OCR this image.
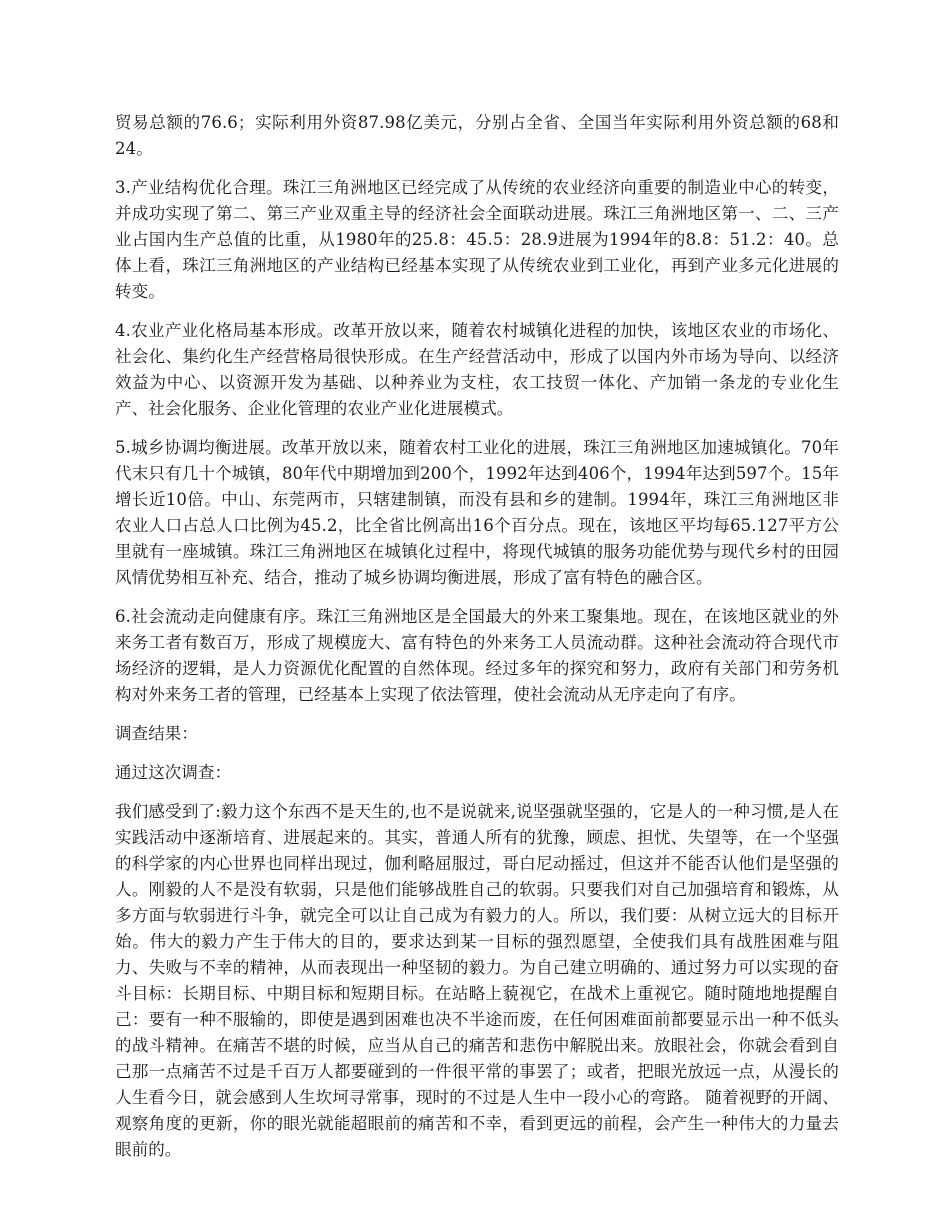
贸易总额的76.6；实际利用外资87.98亿美元，分别占全省、全国当年实际利用外资总额的68和24。

3.产业结构优化合理。珠江三角洲地区已经完成了从传统的农业经济向重要的制造业中心的转变，并成功实现了第二、第三产业双重主导的经济社会全面联动进展。珠江三角洲地区第一、二、三产业占国内生产总值的比重，从1980年的25.8：45.5：28.9进展为1994年的8.8：51.2：40。总体上看，珠江三角洲地区的产业结构已经基本实现了从传统农业到工业化，再到产业多元化进展的转变。

4.农业产业化格局基本形成。改革开放以来，随着农村城镇化进程的加快，该地区农业的市场化、社会化、集约化生产经营格局很快形成。在生产经营活动中，形成了以国内外市场为导向、以经济效益为中心、以资源开发为基础、以种养业为支柱，农工技贸一体化、产加销一条龙的专业化生产、社会化服务、企业化管理的农业产业化进展模式。

5.城乡协调均衡进展。改革开放以来，随着农村工业化的进展，珠江三角洲地区加速城镇化。70年代末只有几十个城镇，80年代中期增加到200个，1992年达到406个，1994年达到597个。15年增长近10倍。中山、东莞两市，只辖建制镇，而没有县和乡的建制。1994年，珠江三角洲地区非农业人口占总人口比例为45.2，比全省比例高出16个百分点。现在，该地区平均每65.127平方公里就有一座城镇。珠江三角洲地区在城镇化过程中，将现代城镇的服务功能优势与现代乡村的田园风情优势相互补充、结合，推动了城乡协调均衡进展，形成了富有特色的融合区。

6.社会流动走向健康有序。珠江三角洲地区是全国最大的外来工聚集地。现在，在该地区就业的外来务工者有数百万，形成了规模庞大、富有特色的外来务工人员流动群。这种社会流动符合现代市场经济的逻辑，是人力资源优化配置的自然体现。经过多年的探究和努力，政府有关部门和劳务机构对外来务工者的管理，已经基本上实现了依法管理，使社会流动从无序走向了有序。

调查结果：

通过这次调查：

我们感受到了:毅力这个东西不是天生的,也不是说就来,说坚强就坚强的，它是人的一种习惯,是人在实践活动中逐渐培育、进展起来的。其实，普通人所有的犹豫，顾虑、担忧、失望等，在一个坚强的科学家的内心世界也同样出现过，伽利略屈服过，哥白尼动摇过，但这并不能否认他们是坚强的人。刚毅的人不是没有软弱，只是他们能够战胜自己的软弱。只要我们对自己加强培育和锻炼，从多方面与软弱进行斗争，就完全可以让自己成为有毅力的人。所以，我们要：从树立远大的目标开始。伟大的毅力产生于伟大的目的，要求达到某一目标的强烈愿望，全使我们具有战胜困难与阻力、失败与不幸的精神，从而表现出一种坚韧的毅力。为自己建立明确的、通过努力可以实现的奋斗目标：长期目标、中期目标和短期目标。在站略上藐视它，在战术上重视它。随时随地地提醒自己：要有一种不服输的，即使是遇到困难也决不半途而废，在任何困难面前都要显示出一种不低头的战斗精神。在痛苦不堪的时候，应当从自己的痛苦和悲伤中解脱出来。放眼社会，你就会看到自己那一点痛苦不过是千百万人都要碰到的一件很平常的事罢了；或者，把眼光放远一点，从漫长的人生看今日，就会感到人生坎坷寻常事，现时的不过是人生中一段小心的弯路。 随着视野的开阔、观察角度的更新，你的眼光就能超眼前的痛苦和不幸，看到更远的前程，会产生一种伟大的力量去眼前的。
